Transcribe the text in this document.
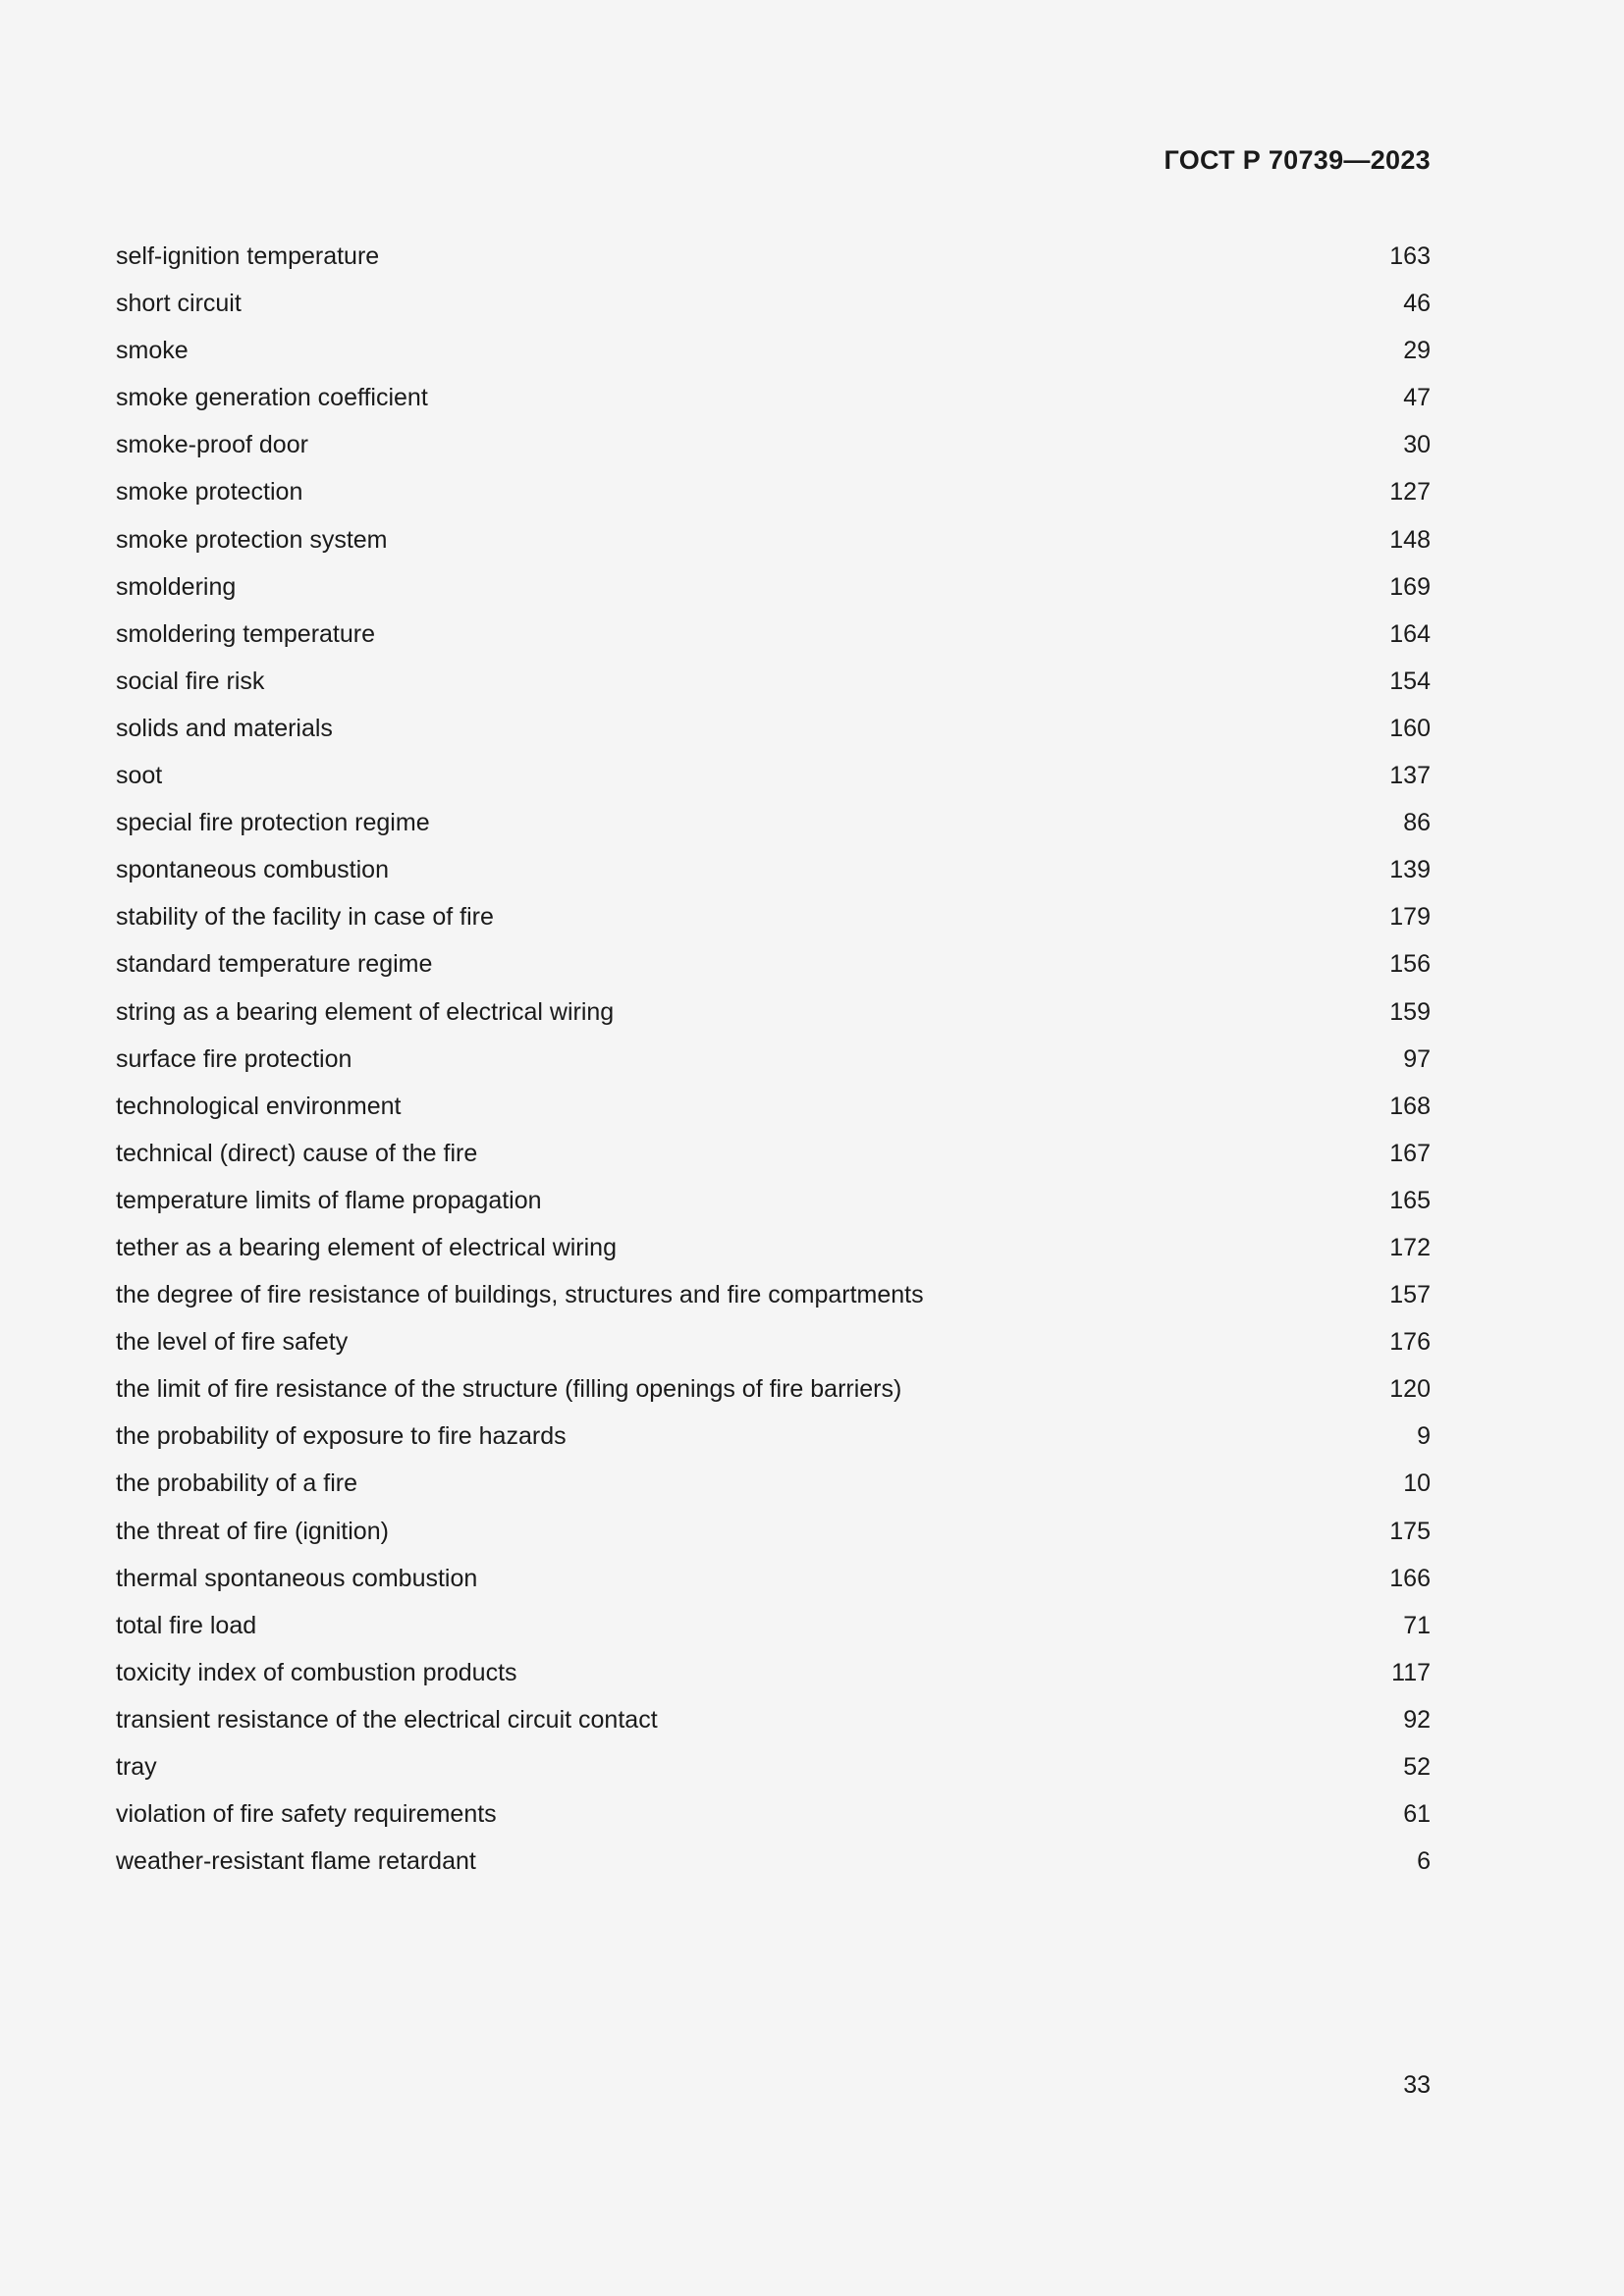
ГОСТ Р 70739—2023
self-ignition temperature	163
short circuit	46
smoke	29
smoke generation coefficient	47
smoke-proof door	30
smoke protection	127
smoke protection system	148
smoldering	169
smoldering temperature	164
social fire risk	154
solids and materials	160
soot	137
special fire protection regime	86
spontaneous combustion	139
stability of the facility in case of fire	179
standard temperature regime	156
string as a bearing element of electrical wiring	159
surface fire protection	97
technological environment	168
technical (direct) cause of the fire	167
temperature limits of flame propagation	165
tether as a bearing element of electrical wiring	172
the degree of fire resistance of buildings, structures and fire compartments	157
the level of fire safety	176
the limit of fire resistance of the structure (filling openings of fire barriers)	120
the probability of exposure to fire hazards	9
the probability of a fire	10
the threat of fire (ignition)	175
thermal spontaneous combustion	166
total fire load	71
toxicity index of combustion products	117
transient resistance of the electrical circuit contact	92
tray	52
violation of fire safety requirements	61
weather-resistant flame retardant	6
33
